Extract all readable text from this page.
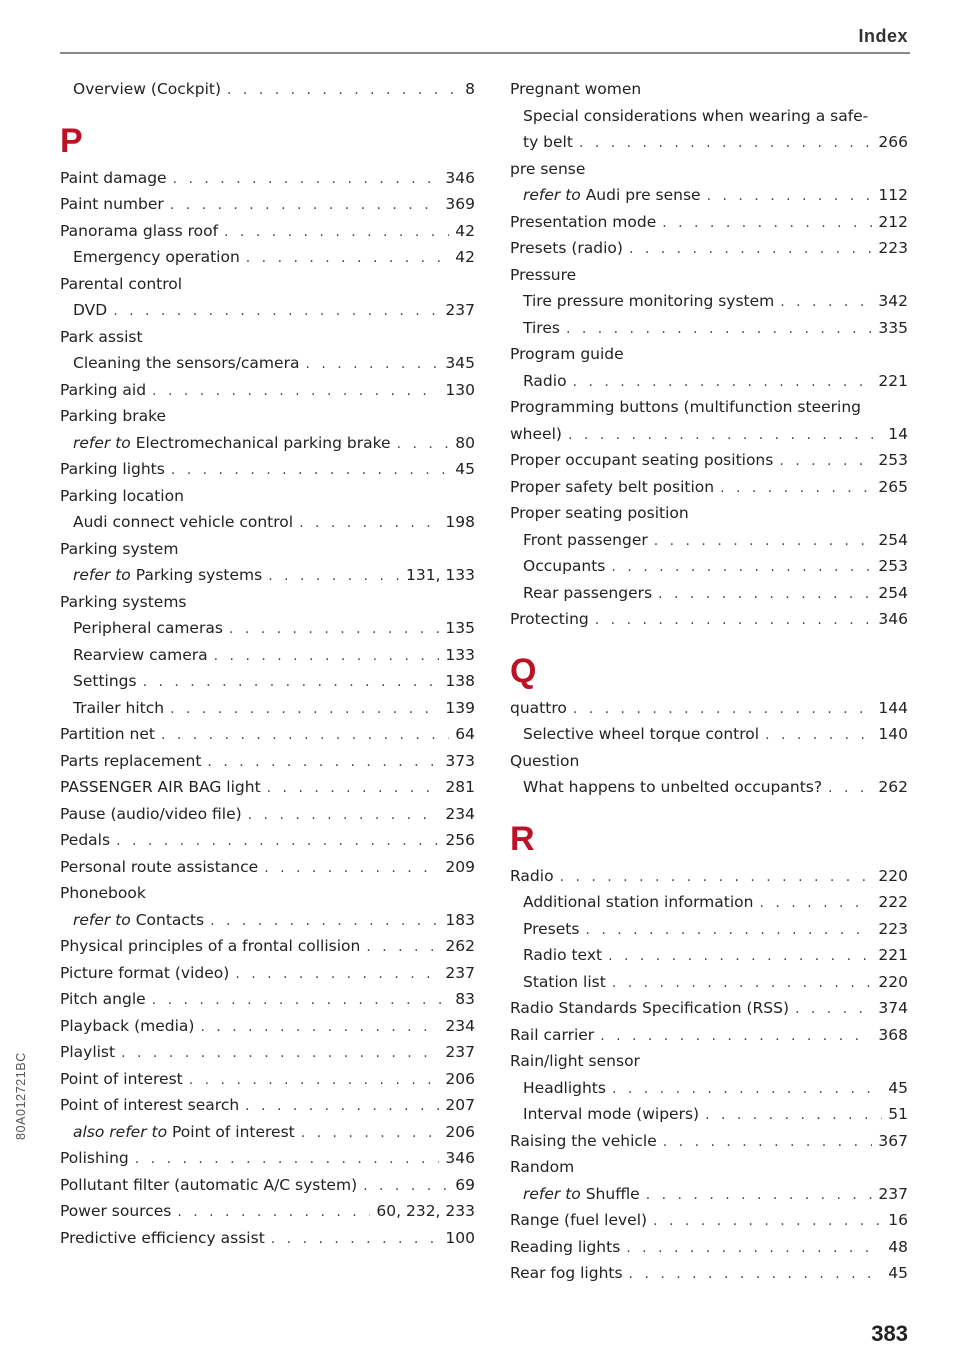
Index
Overview (Cockpit) . . .	8
P
Paint damage . . .	346
Paint number . . .	369
Panorama glass roof . . .	42
Emergency operation . . .	42
Parental control
DVD . . .	237
Park assist
Cleaning the sensors/camera . . .	345
Parking aid . . .	130
Parking brake
refer to Electromechanical parking brake . . .	80
Parking lights . . .	45
Parking location
Audi connect vehicle control . . .	198
Parking system
refer to Parking systems . . .	131, 133
Parking systems
Peripheral cameras . . .	135
Rearview camera . . .	133
Settings . . .	138
Trailer hitch . . .	139
Partition net . . .	64
Parts replacement . . .	373
PASSENGER AIR BAG light . . .	281
Pause (audio/video file) . . .	234
Pedals . . .	256
Personal route assistance . . .	209
Phonebook
refer to Contacts . . .	183
Physical principles of a frontal collision . . .	262
Picture format (video) . . .	237
Pitch angle . . .	83
Playback (media) . . .	234
Playlist . . .	237
Point of interest . . .	206
Point of interest search . . .	207
also refer to Point of interest . . .	206
Polishing . . .	346
Pollutant filter (automatic A/C system) . . .	69
Power sources . . .	60, 232, 233
Predictive efficiency assist . . .	100
Pregnant women
Special considerations when wearing a safe-
ty belt . . .	266
pre sense
refer to Audi pre sense . . .	112
Presentation mode . . .	212
Presets (radio) . . .	223
Pressure
Tire pressure monitoring system . . .	342
Tires . . .	335
Program guide
Radio . . .	221
Programming buttons (multifunction steering
wheel) . . .	14
Proper occupant seating positions . . .	253
Proper safety belt position . . .	265
Proper seating position
Front passenger . . .	254
Occupants . . .	253
Rear passengers . . .	254
Protecting . . .	346
Q
quattro . . .	144
Selective wheel torque control . . .	140
Question
What happens to unbelted occupants? . . .	262
R
Radio . . .	220
Additional station information . . .	222
Presets . . .	223
Radio text . . .	221
Station list . . .	220
Radio Standards Specification (RSS) . . .	374
Rail carrier . . .	368
Rain/light sensor
Headlights . . .	45
Interval mode (wipers) . . .	51
Raising the vehicle . . .	367
Random
refer to Shuffle . . .	237
Range (fuel level) . . .	16
Reading lights . . .	48
Rear fog lights . . .	45
80A012721BC
383
